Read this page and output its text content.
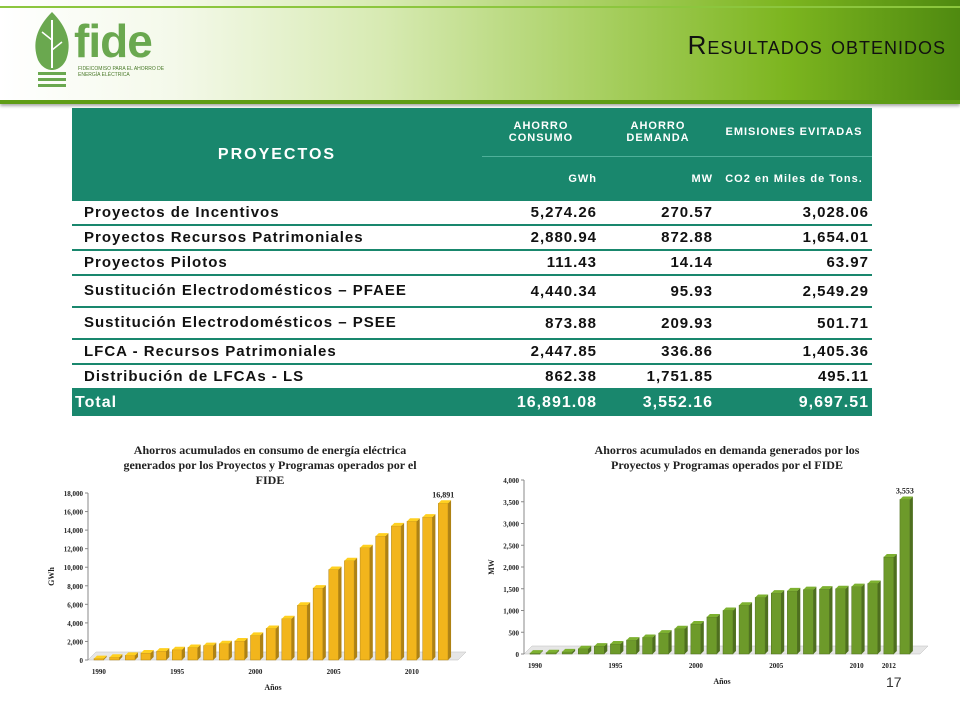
fide
FIDEICOMISO PARA EL AHORRO DE ENERGÍA ELÉCTRICA
Resultados obtenidos
PROYECTOS	AHORRO CONSUMO	AHORRO DEMANDA	EMISIONES EVITADAS
	GWh	MW	CO2 en Miles de Tons.
Proyectos de Incentivos	5,274.26	270.57	3,028.06
Proyectos Recursos Patrimoniales	2,880.94	872.88	1,654.01
Proyectos Pilotos	111.43	14.14	63.97
Sustitución Electrodomésticos – PFAEE	4,440.34	95.93	2,549.29
Sustitución Electrodomésticos – PSEE	873.88	209.93	501.71
LFCA - Recursos Patrimoniales	2,447.85	336.86	1,405.36
Distribución de LFCAs - LS	862.38	1,751.85	495.11
Total	16,891.08	3,552.16	9,697.51
Ahorros acumulados en consumo de energía eléctrica
generados por los Proyectos y Programas operados por el
FIDE
0
2,000
4,000
6,000
8,000
10,000
12,000
14,000
16,000
18,000	16,891
1990	1995	2000	2005	2010
Años
GWh
Ahorros acumulados en demanda generados por los
Proyectos y Programas operados por el FIDE
0
500
1,000
1,500
2,000
2,500
3,000
3,500
4,000
3,553
1990	1995	2000	2005	2010	2012
Años
MW
17
